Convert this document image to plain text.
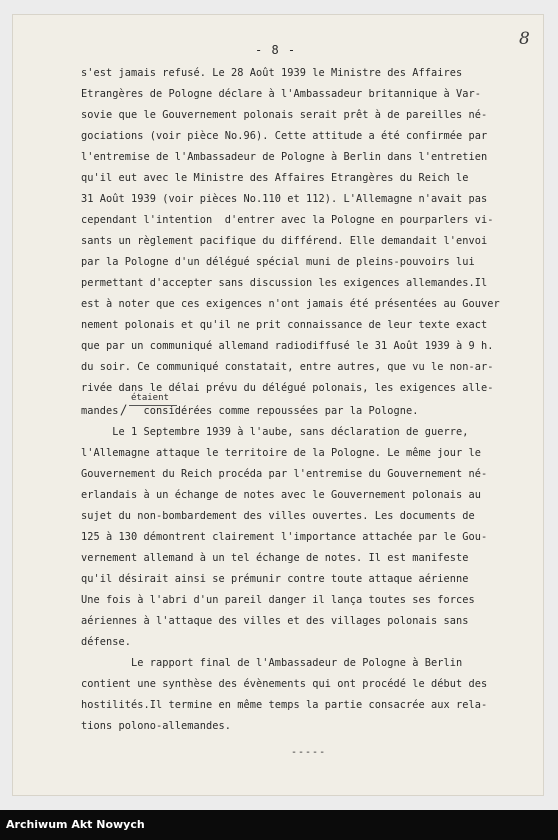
- 8 -
8
s'est jamais refusé. Le 28 Août 1939 le Ministre des Affaires
Etrangères de Pologne déclare à l'Ambassadeur britannique à Var-
sovie que le Gouvernement polonais serait prêt à de pareilles né-
gociations (voir pièce No.96). Cette attitude a été confirmée par
l'entremise de l'Ambassadeur de Pologne à Berlin dans l'entretien
qu'il eut avec le Ministre des Affaires Etrangères du Reich le
31 Août 1939 (voir pièces No.110 et 112). L'Allemagne n'avait pas
cependant l'intention  d'entrer avec la Pologne en pourparlers vi-
sants un règlement pacifique du différend. Elle demandait l'envoi
par la Pologne d'un délégué spécial muni de pleins-pouvoirs lui
permettant d'accepter sans discussion les exigences allemandes.Il
est à noter que ces exigences n'ont jamais été présentées au Gouver
nement polonais et qu'il ne prit connaissance de leur texte exact
que par un communiqué allemand radiodiffusé le 31 Août 1939 à 9 h.
du soir. Ce communiqué constatait, entre autres, que vu le non-ar-
rivée dans le délai prévu du délégué polonais, les exigences alle-
étaient
mandes    considérées comme repoussées par la Pologne.
Le 1 Septembre 1939 à l'aube, sans déclaration de guerre,
l'Allemagne attaque le territoire de la Pologne. Le même jour le
Gouvernement du Reich procéda par l'entremise du Gouvernement né-
erlandais à un échange de notes avec le Gouvernement polonais au
sujet du non-bombardement des villes ouvertes. Les documents de
125 à 130 démontrent clairement l'importance attachée par le Gou-
vernement allemand à un tel échange de notes. Il est manifeste
qu'il désirait ainsi se prémunir contre toute attaque aérienne
Une fois à l'abri d'un pareil danger il lança toutes ses forces
aériennes à l'attaque des villes et des villages polonais sans
défense.
Le rapport final de l'Ambassadeur de Pologne à Berlin
contient une synthèse des évènements qui ont procédé le début des
hostilités.Il termine en même temps la partie consacrée aux rela-
tions polono-allemandes.
-----
Archiwum Akt Nowych
